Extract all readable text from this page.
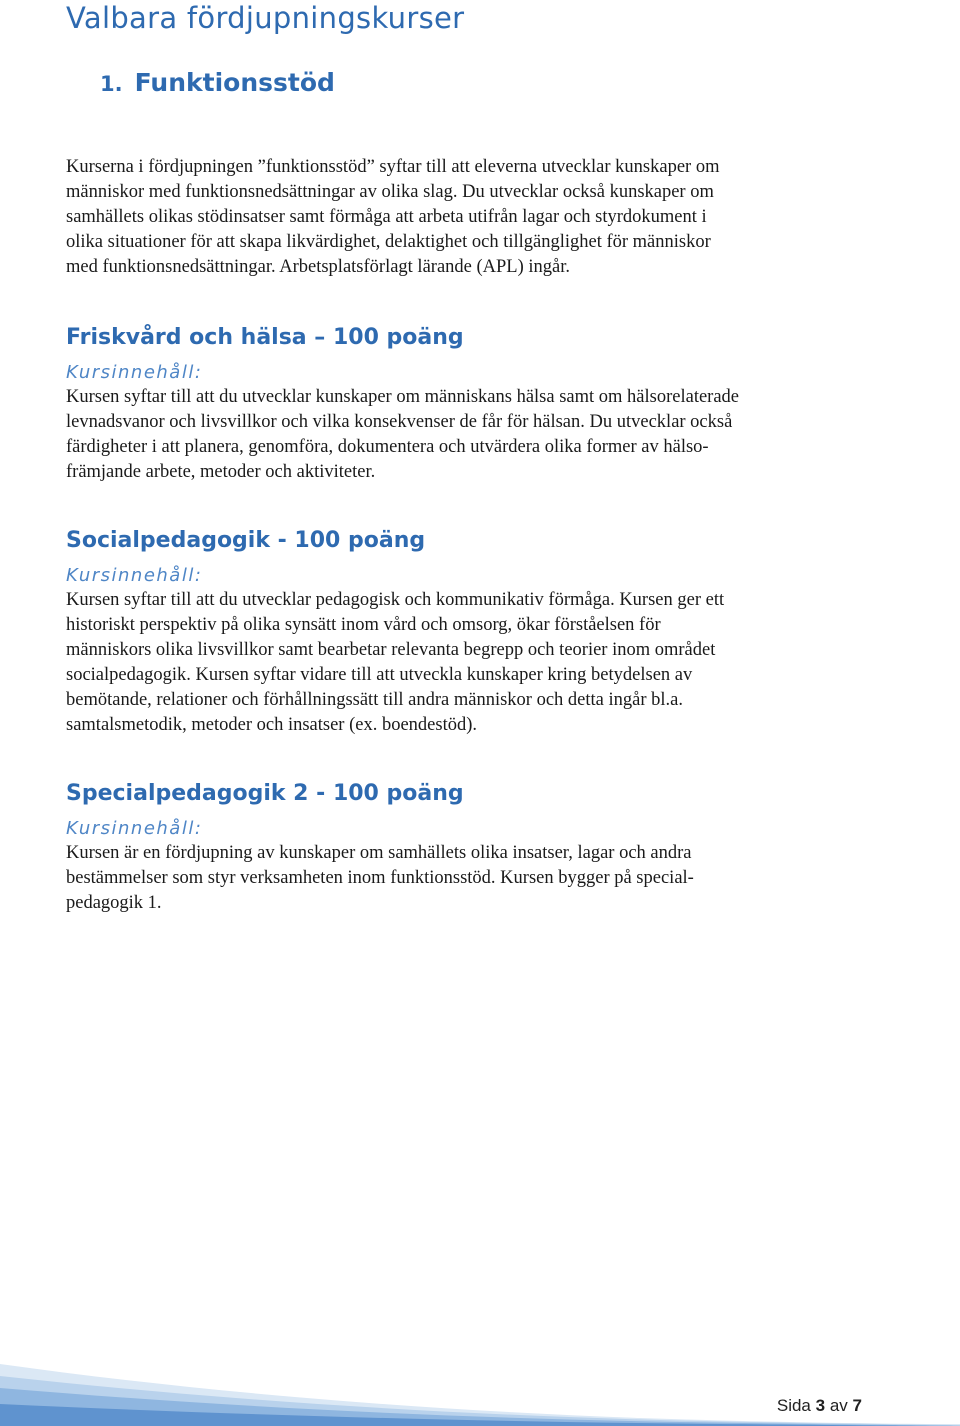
Valbara fördjupningskurser
1. Funktionsstöd

Kurserna i fördjupningen ”funktionsstöd” syftar till att eleverna utvecklar kunskaper om
människor med funktionsnedsättningar av olika slag. Du utvecklar också kunskaper om
samhällets olikas stödinsatser samt förmåga att arbeta utifrån lagar och styrdokument i
olika situationer för att skapa likvärdighet, delaktighet och tillgänglighet för människor
med funktionsnedsättningar. Arbetsplatsförlagt lärande (APL) ingår.

Friskvård och hälsa – 100 poäng
Kursinnehåll:

Kursen syftar till att du utvecklar kunskaper om människans hälsa samt om hälsorelaterade
levnadsvanor och livsvillkor och vilka konsekvenser de får för hälsan. Du utvecklar också
färdigheter i att planera, genomföra, dokumentera och utvärdera olika former av hälso-
främjande arbete, metoder och aktiviteter.

Socialpedagogik - 100 poäng
Kursinnehåll:

Kursen syftar till att du utvecklar pedagogisk och kommunikativ förmåga. Kursen ger ett
historiskt perspektiv på olika synsätt inom vård och omsorg, ökar förståelsen för
människors olika livsvillkor samt bearbetar relevanta begrepp och teorier inom området
socialpedagogik. Kursen syftar vidare till att utveckla kunskaper kring betydelsen av
bemötande, relationer och förhållningssätt till andra människor och detta ingår bl.a.
samtalsmetodik, metoder och insatser (ex. boendestöd).

Specialpedagogik 2 - 100 poäng
Kursinnehåll:

Kursen är en fördjupning av kunskaper om samhällets olika insatser, lagar och andra
bestämmelser som styr verksamheten inom funktionsstöd. Kursen bygger på special-
pedagogik 1.

Sida 3 av 7
